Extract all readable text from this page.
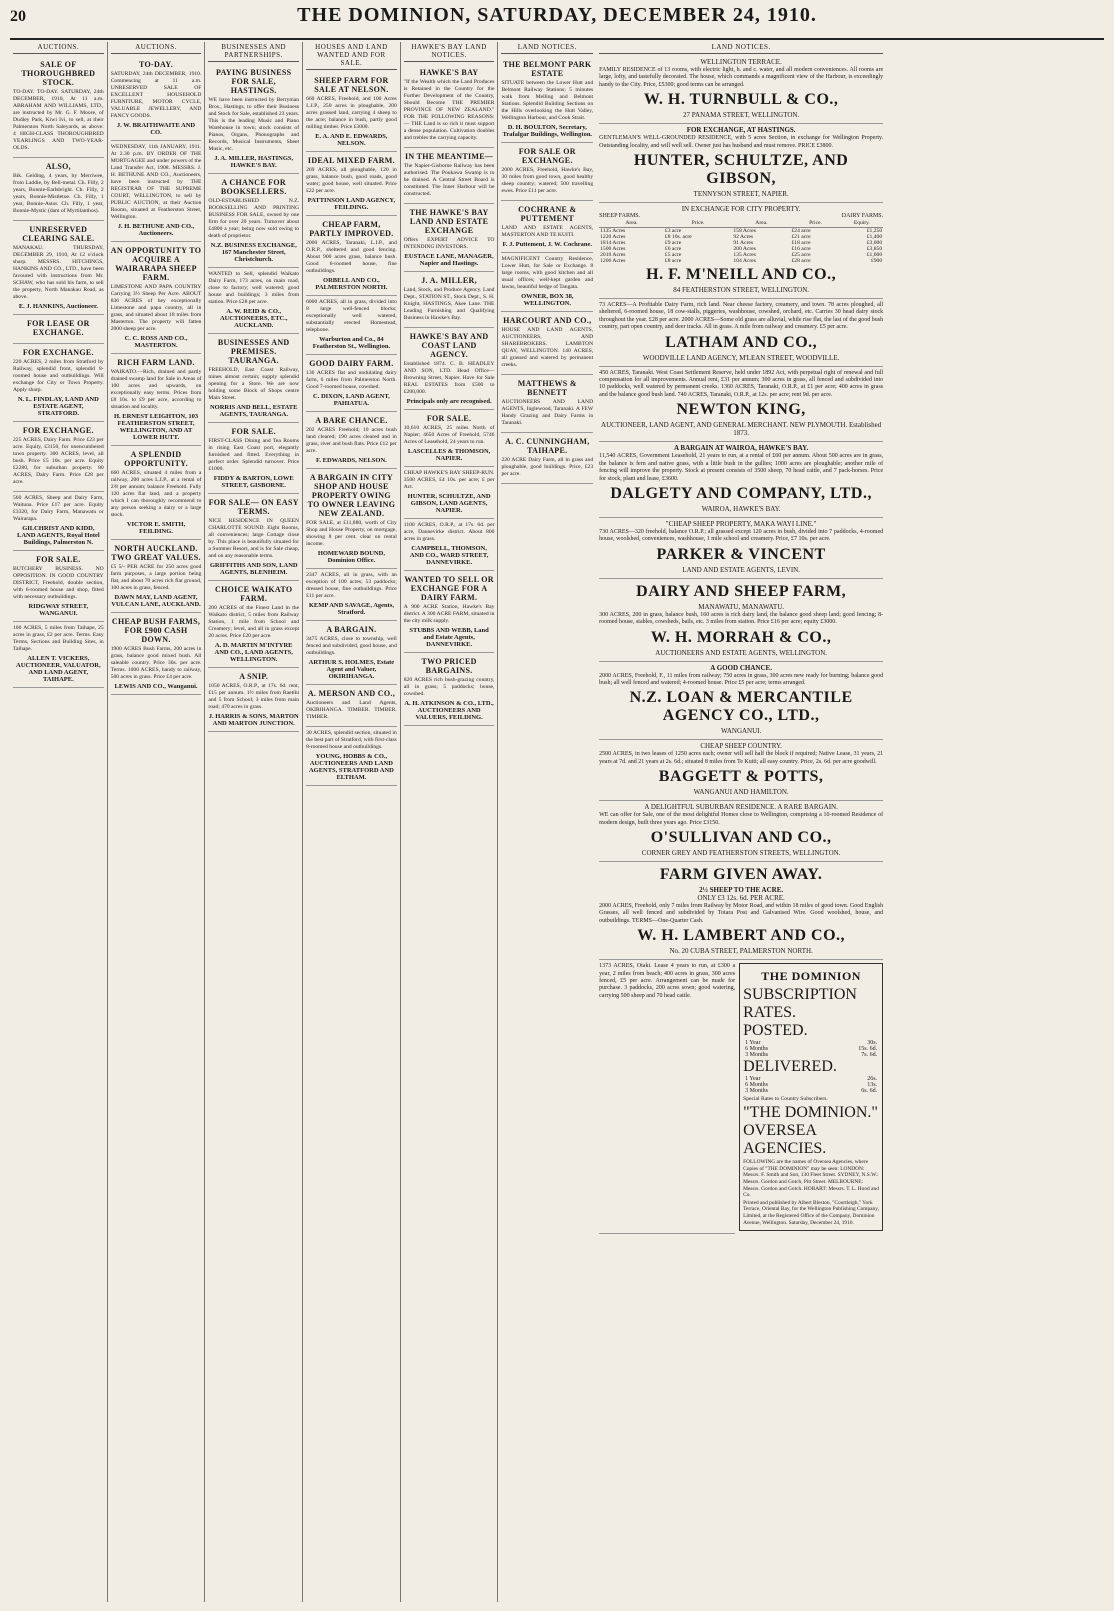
20	THE DOMINION, SATURDAY, DECEMBER 24, 1910.
AUCTIONS.
SALE OF THOROUGHBRED STOCK.

TO-DAY. TO-DAY. SATURDAY, 24th DECEMBER, 1910, At 11 a.m. ABRAHAM AND WILLIAMS, LTD., are instructed by Mr. G. F. Moore, of Dudley Park, Kiwi Ivi, to sell, at their Palmerston North Saleyards, as above: 4 HIGH-CLASS THOROUGHBRED YEARLINGS AND TWO-YEAR-OLDS.

ALSO,

Bik. Gelding, 4 years, by Merriwee, from Laddie, by Bell-metal. Ch. Filly, 2 years, Bonnie-Earlsbright. Ch. Filly, 2 years, Bonnie-Mistletoe. Ch. Filly, 1 year, Bonnie-Astor. Ch. Filly, 1 year, Bonnie-Mystic (dam of Myrtilanthos).

UNRESERVED CLEARING SALE.

MANAKAU. THURSDAY, DECEMBER 29, 1910, At 12 o'clock sharp. MESSRS. HITCHINGS, HANKINS AND CO., LTD., have been favoured with instructions from Mr. SCHAW, who has sold his farm, to sell the property, North Manakau Road, as above.

E. J. HANKINS, Auctioneer.
FOR LEASE OR EXCHANGE.
FOR EXCHANGE.

220 ACRES, 2 miles from Stratford by Railway, splendid front, splendid 8-roomed house and outbuildings. Will exchange for City or Town Property. Apply sharp.

N. L. FINDLAY, LAND AND ESTATE AGENT, STRATFORD.
FOR EXCHANGE.

225 ACRES, Dairy Farm. Price £23 per acre. Equity, £3150, for unencumbered town property. 300 ACRES, level, all bush. Price £5 10s. per acre. Equity £2280, for suburban property. 80 ACRES, Dairy Farm. Price £28 per acre.

560 ACRES, Sheep and Dairy Farm, Waituna. Price £17 per acre. Equity £3320, for Dairy Farm, Manawatu or Wairarapa.

GILCHRIST AND KIDD, LAND AGENTS, Royal Hotel Buildings, Palmerston N.
FOR SALE.

BUTCHERY BUSINESS. NO OPPOSITION. IN GOOD COUNTRY DISTRICT, Freehold, double section, with 6-roomed house and shop, fitted with necessary outbuildings.

RIDGWAY STREET, WANGANUI.

100 ACRES, 5 miles from Taihape, 25 acres in grass, £2 per acre. Terms. Easy Terms, Sections and Building Sites, in Taihape.

ALLEN T. VICKERS, AUCTIONEER, VALUATOR, AND LAND AGENT, TAIHAPE.
AUCTIONS.
TO-DAY.

SATURDAY, 24th DECEMBER, 1910. Commencing at 11 a.m. UNRESERVED SALE OF EXCELLENT HOUSEHOLD FURNITURE, MOTOR CYCLE, VALUABLE JEWELLERY, AND FANCY GOODS.

J. W. BRAITHWAITE AND CO.

WEDNESDAY, 11th JANUARY, 1911. At 2.30 p.m. BY ORDER OF THE MORTGAGEE and under powers of the Land Transfer Act, 1908. MESSRS. J. H. BETHUNE AND CO., Auctioneers, have been instructed by THE REGISTRAR OF THE SUPREME COURT, WELLINGTON, to sell by PUBLIC AUCTION, at their Auction Rooms, situated at Featherston Street, Wellington.

J. H. BETHUNE AND CO., Auctioneers.
AN OPPORTUNITY TO ACQUIRE A WAIRARAPA SHEEP FARM.

LIMESTONE AND PAPA COUNTRY Carrying 3½ Sheep Per Acre. ABOUT 836 ACRES of hey exceptionally Limestone and papa country, all in grass, and situated about 18 miles from Masterton. The property will fatten 2000 sheep per acre.

C. C. ROSS AND CO., MASTERTON.
RICH FARM LAND.

WAIKATO.—Rich, drained and partly drained swamp land for Sale in Areas of 100 acres and upwards, on exceptionally easy terms. Prices from £8 10s. to £9 per acre, according to situation and locality.

H. ERNEST LEIGHTON, 103 FEATHERSTON STREET, WELLINGTON, AND AT LOWER HUTT.
A SPLENDID OPPORTUNITY.

660 ACRES, situated 4 miles from a railway, 200 acres L.I.P., at a rental of 2/8 per annum; balance Freehold. Fully 120 acres flat land, and a property which I can thoroughly recommend to any person seeking a dairy or a large stock.

VICTOR E. SMITH, FEILDING.
NORTH AUCKLAND. TWO GREAT VALUES.

£5 5/- PER ACRE for 250 acres good farm purposes, a large portion being flat, and about 70 acres rich flat ground, 100 acres in grass, fenced.

DAWN MAY, LAND AGENT, VULCAN LANE, AUCKLAND.
CHEAP BUSH FARMS, FOR £900 CASH DOWN.

1900 ACRES Bush Farms, 200 acres in grass, balance good mixed bush. All saleable country. Price 30s. per acre. Terms. 1000 ACRES, handy to railway, 500 acres in grass. Price £4 per acre.

LEWIS AND CO., Wanganui.
BUSINESSES AND PARTNERSHIPS.
PAYING BUSINESS FOR SALE, HASTINGS.

WE have been instructed by Berryman Bros., Hastings, to offer their Business and Stock for Sale, established 23 years. This is the leading Music and Piano Warehouse in town; stock consists of Pianos, Organs, Phonographs and Records, Musical Instruments, Sheet Music, etc.

J. A. MILLER, HASTINGS, HAWKE'S BAY.
A CHANCE FOR BOOKSELLERS.

OLD-ESTABLISHED N.Z. BOOKSELLING AND PRINTING BUSINESS FOR SALE, owned by one firm for over 20 years. Turnover about £4800 a year; being now sold owing to death of proprietor.

N.Z. BUSINESS EXCHANGE, 167 Manchester Street, Christchurch.

WANTED to Sell, splendid Waikato Dairy Farm, 173 acres, on main road, close to factory; well watered; good house and buildings; 3 miles from station. Price £28 per acre.

A. W. REID & CO., AUCTIONEERS, ETC., AUCKLAND.
BUSINESSES AND PREMISES. TAURANGA.

FREEHOLD, East Coast Railway, mines almost certain; supply splendid opening for a Store. We are now holding some Block of Shops centre Main Street.

NORRIS AND BELL, ESTATE AGENTS, TAURANGA.
FOR SALE.

FIRST-CLASS Dining and Tea Rooms in rising East Coast port, elegantly furnished and fitted. Everything in perfect order. Splendid turnover. Price £1000.

FIDDY & BARTON, LOWE STREET, GISBORNE.
FOR SALE— ON EASY TERMS.

NICE RESIDENCE IN QUEEN CHARLOTTE SOUND. Eight Rooms, all conveniences; large Cottage close by. This place is beautifully situated for a Summer Resort, and is for Sale cheap, and on any reasonable terms.

GRIFFITHS AND SON, LAND AGENTS, BLENHEIM.
CHOICE WAIKATO FARM.

200 ACRES of the Finest Land in the Waikato district, 5 miles from Railway Station, 1 mile from School and Creamery; level, and all in grass except 20 acres. Price £20 per acre.

A. D. MARTIN M'INTYRE AND CO., LAND AGENTS, WELLINGTON.
A SNIP.

1050 ACRES, O.R.P., at 17s. 6d. rent, £15 per annum. 1½ miles from Raetihi and 5 from School; 3 miles from main road; 470 acres in grass.

J. HARRIS & SONS, MARTON AND MARTON JUNCTION.
HOUSES AND LAND WANTED AND FOR SALE.
SHEEP FARM FOR SALE AT NELSON.

660 ACRES, Freehold, and 100 Acres L.I.P., 250 acres in ploughable, 200 acres grassed land, carrying 4 sheep to the acre; balance in bush, partly good milling timber. Price £3000.

E. A. AND E. EDWARDS, NELSON.
IDEAL MIXED FARM.

269 ACRES, all ploughable, 120 in grass, balance bush, good roads, good water; good house, well situated. Price £22 per acre.

PATTINSON LAND AGENCY, FEILDING.
CHEAP FARM, PARTLY IMPROVED.

2000 ACRES, Taranaki, L.I.P., and O.R.P., sheltered and good fencing. About 900 acres grass, balance bush. Good 6-roomed house, fine outbuildings.

ORBELL AND CO., PALMERSTON NORTH.

6000 ACRES, all in grass, divided into 8 large well-fenced blocks; exceptionally well watered, substantially erected Homestead, telephone.

Warburton and Co., 84 Featherston St., Wellington.
GOOD DAIRY FARM.

136 ACRES flat and undulating dairy farm, 6 miles from Palmerston North. Good 7-roomed house, cowshed.

C. DIXON, LAND AGENT, PAHIATUA.
A BARE CHANCE.

202 ACRES Freehold; 10 acres bush land cleared; 190 acres cleared and in grass, river and bush flats. Price £12 per acre.

F. EDWARDS, NELSON.
A BARGAIN IN CITY SHOP AND HOUSE PROPERTY OWING TO OWNER LEAVING NEW ZEALAND.

FOR SALE, at £11,880, worth of City Shop and House Property, on mortgage, showing 8 per cent. clear on rental income.

HOMEWARD BOUND, Dominion Office.

2347 ACRES, all in grass, with an exception of 100 acres; 53 paddocks; dressed house, fine outbuildings. Price £11 per acre.

KEMP AND SAVAGE, Agents, Stratford.
A BARGAIN.

3475 ACRES, close to township, well fenced and subdivided, good house, and outbuildings.

ARTHUR S. HOLMES, Estate Agent and Valuer, OKIRIHANGA.
A. MERSON AND CO.,

Auctioneers and Land Agents, OKIRIHANGA. TIMBER. TIMBER. TIMBER.

30 ACRES, splendid section, situated in the best part of Stratford, with first-class 8-roomed house and outbuildings.

YOUNG, HOBBS & CO., AUCTIONEERS AND LAND AGENTS, STRATFORD AND ELTHAM.
HAWKE'S BAY LAND NOTICES.
HAWKE'S BAY

"If the Wealth which the Land Produces is Retained in the Country for the Further Development of the Country, Should Become THE PREMIER PROVINCE OF NEW ZEALAND." FOR THE FOLLOWING REASONS:— THE Land is so rich it must support a dense population. Cultivation doubles and trebles the carrying capacity.

IN THE MEANTIME—

The Napier-Gisborne Railway has been authorised. The Poukawa Swamp is to be drained. A Central Street Board is constituted. The Inner Harbour will be constructed.

THE HAWKE'S BAY LAND AND ESTATE EXCHANGE

Offers EXPERT ADVICE TO INTENDING INVESTORS.

EUSTACE LANE, MANAGER, Napier and Hastings.
J. A. MILLER,

Land, Stock, and Produce Agency. Land Dept., STATION ST., Stock Dept., S. H. Knight, HASTINGS, Akee Lane. THE Leading Furnishing and Qualifying Business in Hawke's Bay.

HAWKE'S BAY AND COAST LAND AGENCY.

Established 1874. C. B. HEADLEY AND SON, LTD. Head Office—Browning Street, Napier. Have for Sale REAL ESTATES from £500 to £200,000.

Principals only are recognised.
FOR SALE.

10,610 ACRES, 25 miles North of Napier; 4650 Acres of Freehold, 5746 Acres of Leasehold, 24 years to run.

LASCELLES & THOMSON, NAPIER.

CHEAP HAWKE'S BAY SHEEP-RUN. 3500 ACRES, £4 10s. per acre; £ per Act.

HUNTER, SCHULTZE, AND GIBSON, LAND AGENTS, NAPIER.

1100 ACRES, O.R.P., at 17s. 6d. per acre, Dannevirke district. About 800 acres in grass.

CAMPBELL, THOMSON, AND CO., WARD STREET, DANNEVIRKE.
WANTED TO SELL OR EXCHANGE FOR A DAIRY FARM.

A 900 ACRE Station, Hawke's Bay district. A 300 ACRE FARM, situated in the city milk supply.

STUBBS AND WEBB, Land and Estate Agents, DANNEVIRKE.
TWO PRICED BARGAINS.

820 ACRES rich bush-grazing country, all in grass; 5 paddocks; house, cowshed.

A. H. ATKINSON & CO., LTD., AUCTIONEERS AND VALUERS, FEILDING.
LAND NOTICES.
THE BELMONT PARK ESTATE

SITUATE between the Lower Hutt and Belmont Railway Stations; 5 minutes walk from Melling and Belmont Stations. Splendid Building Sections on the Hills overlooking the Hutt Valley, Wellington Harbour, and Cook Strait.

D. H. BOULTON, Secretary, Trafalgar Buildings, Wellington.
FOR SALE OR EXCHANGE.

2000 ACRES, Freehold, Hawke's Bay, 30 miles from good town, good healthy sheep country; watered; 500 travelling ewes. Price £11 per acre.

COCHRANE & PUTTEMENT

LAND AND ESTATE AGENTS, MASTERTON AND TE KUITI.

F. J. Puttement, J. W. Cochrane.

MAGNIFICENT Country Residence, Lower Hutt, for Sale or Exchange. 8 large rooms, with good kitchen and all usual offices; well-kept garden and lawns, beautiful hedge of Tangata.

OWNER, BOX 38, WELLINGTON.
HARCOURT AND CO.,

HOUSE AND LAND AGENTS, AUCTIONEERS, AND SHAREBROKERS. LAMBTON QUAY, WELLINGTON. 140 ACRES, all grassed and watered by permanent creeks.

MATTHEWS & BENNETT

AUCTIONEERS AND LAND AGENTS, Inglewood, Taranaki. A FEW Handy Grazing and Dairy Farms in Taranaki.

A. C. CUNNINGHAM, TAIHAPE.

220 ACRE Dairy Farm, all in grass and ploughable, good buildings. Price, £23 per acre.

LAND NOTICES.
WELLINGTON TERRACE.

FAMILY RESIDENCE of 13 rooms, with electric light, h. and c. water, and all modern conveniences. All rooms are large, lofty, and tastefully decorated. The house, which commands a magnificent view of the Harbour, is exceedingly handy to the City. Price, £5300; good terms can be arranged.

W. H. TURNBULL & CO.,
27 PANAMA STREET, WELLINGTON.
FOR EXCHANGE, AT HASTINGS.

GENTLEMAN'S WELL-GROUNDED RESIDENCE, with 5 acres Section, in exchange for Wellington Property. Outstanding locality, and will well sell. Owner just has husband and must remove. PRICE £3800.

HUNTER, SCHULTZE, AND GIBSON,
TENNYSON STREET, NAPIER.
IN EXCHANGE FOR CITY PROPERTY.
SHEEP FARMS.	DAIRY FARMS.
Area.	Price.	Area.	Price.	Equity.
1135 Acres	£3 acre	158 Acres	£24 acre	£1,250
1220 Acres	£8 10s. acre	92 Acres	£21 acre	£1,400
1814 Acres	£9 acre	91 Acres	£18 acre	£3,000
1500 Acres	£6 acre	200 Acres	£16 acre	£3,850
2010 Acres	£5 acre	135 Acres	£25 acre	£1,000
1206 Acres	£8 acre	104 Acres	£28 acre	£900
H. F. M'NEILL AND CO.,
84 FEATHERSTON STREET, WELLINGTON.

73 ACRES—A Profitable Dairy Farm, rich land. Near cheese factory, creamery, and town. 78 acres ploughed, all sheltered, 6-roomed house, 18 cow-stalls, piggeries, washhouse, cowshed, orchard, etc. Carries 30 head dairy stock throughout the year. £28 per acre. 2000 ACRES—Some old grass are alluvial, while rise flat, the last of the good bush country, part open country, and deer tracks. All in grass. A mile from railway and creamery. £5 per acre.

LATHAM AND CO.,
WOODVILLE LAND AGENCY, M'LEAN STREET, WOODVILLE.

450 ACRES, Taranaki. West Coast Settlement Reserve, held under 1892 Act, with perpetual right of renewal and full compensation for all improvements. Annual rent, £31 per annum; 300 acres in grass, all fenced and subdivided into 10 paddocks, well watered by permanent creeks. 1360 ACRES, Taranaki, O.R.P., at £1 per acre; 400 acres in grass and the balance good bush land. 740 ACRES, Taranaki, O.R.P., at 12s. per acre; rent 9d. per acre.

NEWTON KING,
AUCTIONEER, LAND AGENT, AND GENERAL MERCHANT. NEW PLYMOUTH. Established 1873.
A BARGAIN AT WAIROA, HAWKE'S BAY.

11,540 ACRES, Government Leasehold, 21 years to run, at a rental of £60 per annum. About 500 acres are in grass, the balance is fern and native grass, with a little bush in the gullies; 1000 acres are ploughable; another mile of fencing will improve the property. Stock at present consists of 3500 sheep, 70 head cattle, and 7 pack-horses. Price for stock, plant and lease, £3600.

DALGETY AND COMPANY, LTD.,
WAIROA, HAWKE'S BAY.
"CHEAP SHEEP PROPERTY, MAKA WAYI LINE."

730 ACRES—320 freehold, balance O.R.P.; all grassed except 120 acres in bush, divided into 7 paddocks, 4-roomed house, woolshed, conveniences, washhouse, 1 mile school and creamery. Price, £7 10s. per acre.

PARKER & VINCENT
LAND AND ESTATE AGENTS, LEVIN.
DAIRY AND SHEEP FARM,
MANAWATU, MANAWATU.

300 ACRES, 200 in grass, balance bush, 160 acres is rich dairy land, the balance good sheep land; good fencing; 8-roomed house, stables, cowsheds, bails, etc. 3 miles from station. Price £16 per acre; equity £3000.

W. H. MORRAH & CO.,
AUCTIONEERS AND ESTATE AGENTS, WELLINGTON.
A GOOD CHANCE.

2000 ACRES, Freehold, F., 11 miles from railway; 750 acres in grass, 300 acres new ready for burning; balance good bush; all well fenced and watered; 4-roomed house. Price £5 per acre; terms arranged.

N.Z. LOAN & MERCANTILE AGENCY CO., LTD.,
WANGANUI.
CHEAP SHEEP COUNTRY.

2500 ACRES, in two leases of 1250 acres each; owner will sell half the block if required; Native Lease, 31 years, 21 years at 7d. and 21 years at 2s. 6d.; situated 8 miles from Te Kuiti; all easy country. Price, 2s. 6d. per acre goodwill.

BAGGETT & POTTS,
WANGANUI AND HAMILTON.
A DELIGHTFUL SUBURBAN RESIDENCE. A RARE BARGAIN.

WE can offer for Sale, one of the most delightful Homes close to Wellington, comprising a 10-roomed Residence of modern design, built three years ago. Price £3150.

O'SULLIVAN AND CO.,
CORNER GREY AND FEATHERSTON STREETS, WELLINGTON.
FARM GIVEN AWAY.
2½ SHEEP TO THE ACRE.
ONLY £3 12s. 6d. PER ACRE.

2000 ACRES, Freehold, only 7 miles from Railway by Motor Road, and within 18 miles of good town. Good English Grasses, all well fenced and subdivided by Totara Post and Galvanised Wire. Good woolshed, house, and outbuildings. TERMS—One-Quarter Cash.

W. H. LAMBERT AND CO.,
No. 20 CUBA STREET, PALMERSTON NORTH.

1373 ACRES, Otaki. Lease 4 years to run, at £300 a year, 2 miles from beach; 400 acres in grass, 300 acres fenced, £5 per acre. Arrangement can be made for purchase. 3 paddocks, 200 acres sown; good watering, carrying 500 sheep and 70 head cattle.

THE DOMINION
SUBSCRIPTION RATES.
POSTED.
1 Year	30s.
6 Months	15s. 6d.
3 Months	7s. 6d.
DELIVERED.
1 Year	26s.
6 Months	13s.
3 Months	6s. 6d.

Special Rates to Country Subscribers.

"THE DOMINION." OVERSEA AGENCIES.

FOLLOWING are the names of Oversea Agencies, where Copies of "THE DOMINION" may be seen: LONDON: Messrs. F. Smith and Son, 130 Fleet Street. SYDNEY, N.S.W.: Messrs. Gordon and Gotch, Pitt Street. MELBOURNE: Messrs. Gordon and Gotch. HOBART: Messrs. T. L. Hood and Co.

Printed and published by Albert Bleston, "Courtleigh," York Terrace, Oriental Bay, for the Wellington Publishing Company, Limited, at the Registered Office of the Company, Dominion Avenue, Wellington. Saturday, December 24, 1910.
